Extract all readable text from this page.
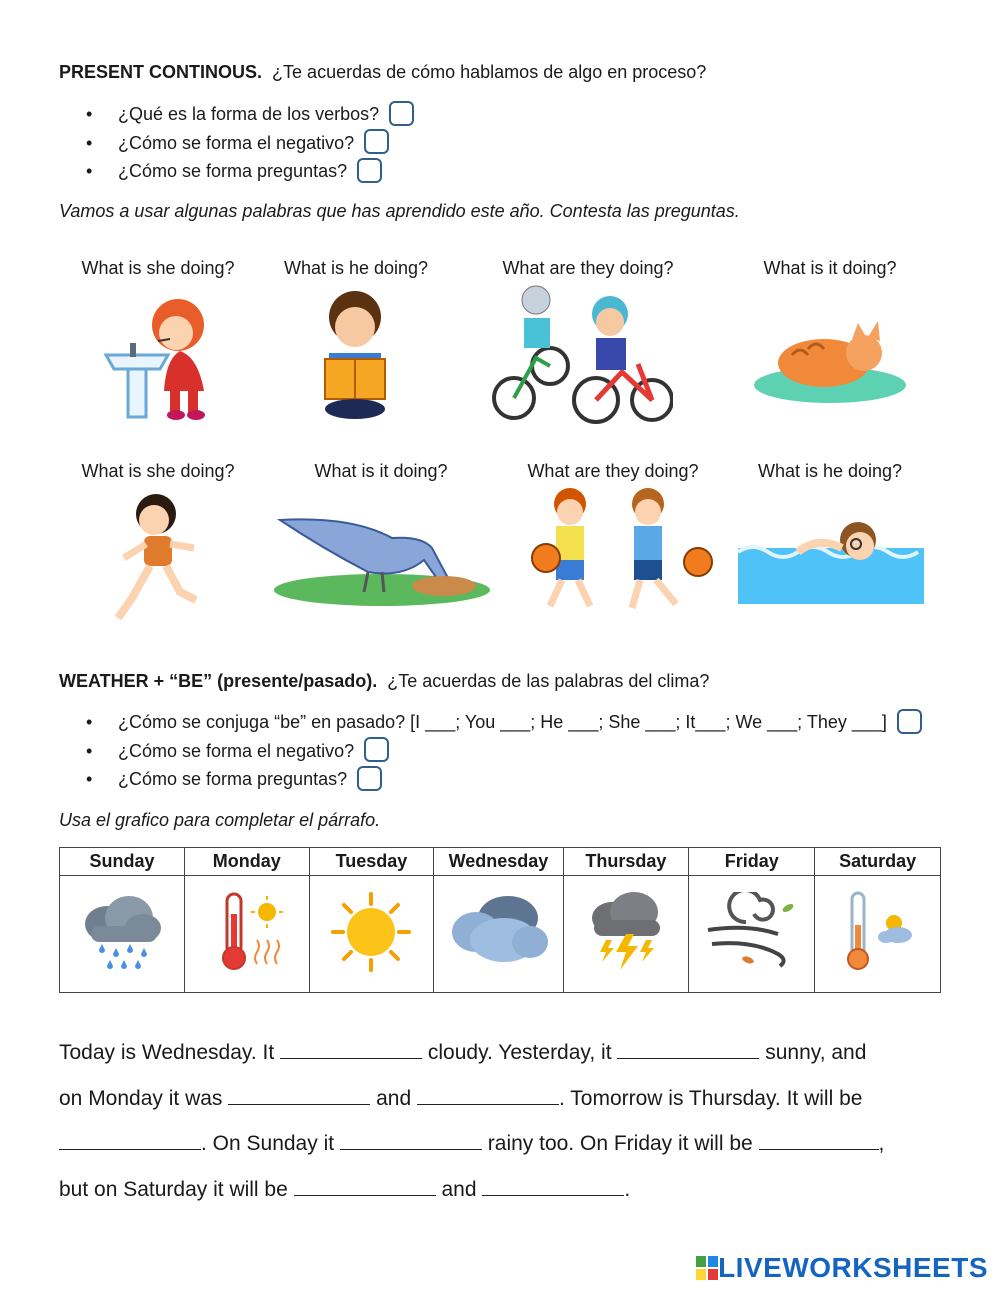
PRESENT CONTINOUS. ¿Te acuerdas de cómo hablamos de algo en proceso?
• ¿Qué es la forma de los verbos?
• ¿Cómo se forma el negativo?
• ¿Cómo se forma preguntas?
Vamos a usar algunas palabras que has aprendido este año. Contesta las preguntas.
What is she doing?	What is he doing?	What are they doing?	What is it doing?
What is she doing?	What is it doing?	What are they doing?	What is he doing?
WEATHER + “BE” (presente/pasado). ¿Te acuerdas de las palabras del clima?
• ¿Cómo se conjuga “be” en pasado? [I ___; You ___; He ___; She ___; It___; We ___; They ___]
• ¿Cómo se forma el negativo?
• ¿Cómo se forma preguntas?
Usa el grafico para completar el párrafo.
Sunday	Monday	Tuesday	Wednesday	Thursday	Friday	Saturday

Today is Wednesday. It	cloudy. Yesterday, it	sunny, and
on Monday it was	and	. Tomorrow is Thursday. It will be
. On Sunday it	rainy too. On Friday it will be	,
but on Saturday it will be	and	.
LIVEWORKSHEETS
